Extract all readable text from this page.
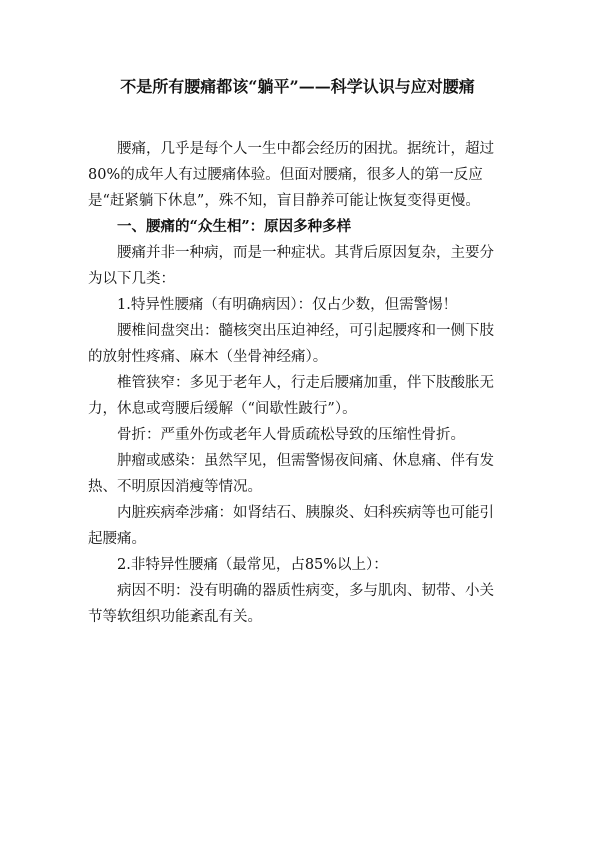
不是所有腰痛都该“躺平”——科学认识与应对腰痛

腰痛，几乎是每个人一生中都会经历的困扰。据统计，超过80%的成年人有过腰痛体验。但面对腰痛，很多人的第一反应是“赶紧躺下休息”，殊不知，盲目静养可能让恢复变得更慢。

一、腰痛的“众生相”：原因多种多样

腰痛并非一种病，而是一种症状。其背后原因复杂，主要分为以下几类：

1.特异性腰痛（有明确病因）：仅占少数，但需警惕！

腰椎间盘突出：髓核突出压迫神经，可引起腰疼和一侧下肢的放射性疼痛、麻木（坐骨神经痛）。

椎管狭窄：多见于老年人，行走后腰痛加重，伴下肢酸胀无力，休息或弯腰后缓解（“间歇性跛行”）。

骨折：严重外伤或老年人骨质疏松导致的压缩性骨折。

肿瘤或感染：虽然罕见，但需警惕夜间痛、休息痛、伴有发热、不明原因消瘦等情况。

内脏疾病牵涉痛：如肾结石、胰腺炎、妇科疾病等也可能引起腰痛。

2.非特异性腰痛（最常见，占85%以上）：

病因不明：没有明确的器质性病变，多与肌肉、韧带、小关节等软组织功能紊乱有关。
